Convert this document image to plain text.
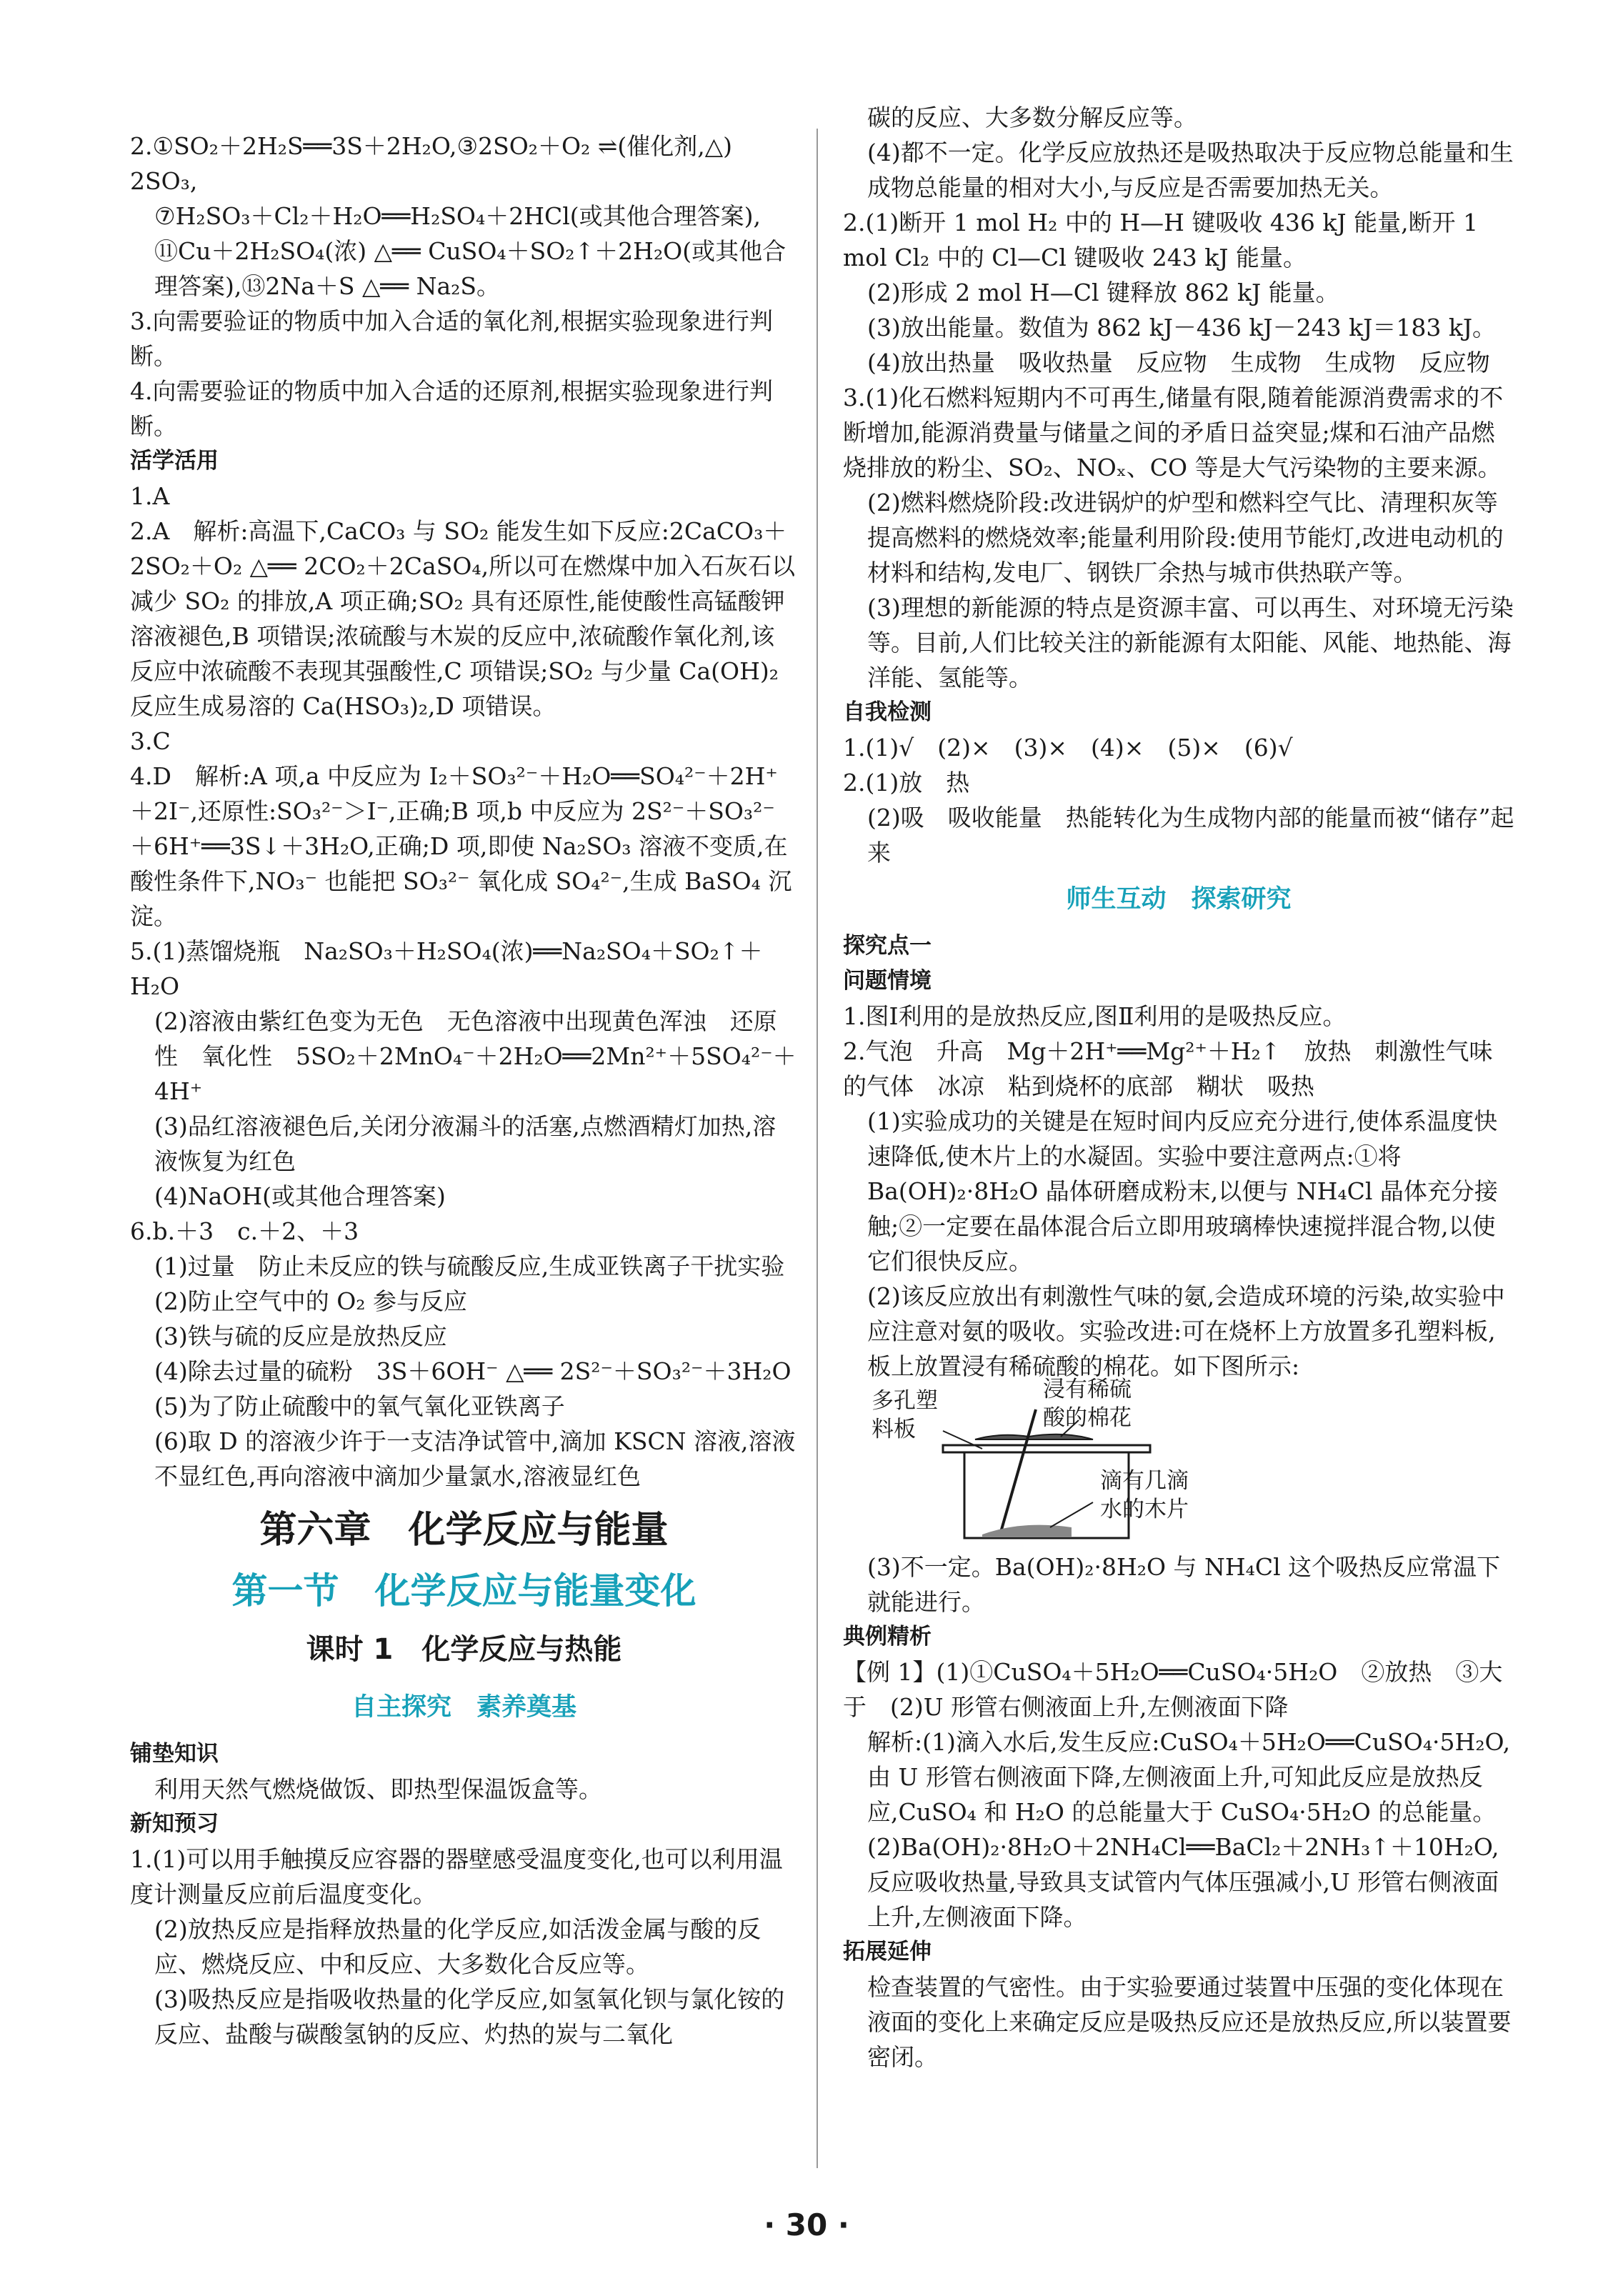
2.①SO₂＋2H₂S══3S＋2H₂O,③2SO₂＋O₂ ⇌(催化剂,△) 2SO₃,

⑦H₂SO₃＋Cl₂＋H₂O══H₂SO₄＋2HCl(或其他合理答案),

⑪Cu＋2H₂SO₄(浓) △══ CuSO₄＋SO₂↑＋2H₂O(或其他合理答案),⑬2Na＋S △══ Na₂S。

3.向需要验证的物质中加入合适的氧化剂,根据实验现象进行判断。

4.向需要验证的物质中加入合适的还原剂,根据实验现象进行判断。

活学活用

1.A

2.A　解析:高温下,CaCO₃ 与 SO₂ 能发生如下反应:2CaCO₃＋2SO₂＋O₂ △══ 2CO₂＋2CaSO₄,所以可在燃煤中加入石灰石以减少 SO₂ 的排放,A 项正确;SO₂ 具有还原性,能使酸性高锰酸钾溶液褪色,B 项错误;浓硫酸与木炭的反应中,浓硫酸作氧化剂,该反应中浓硫酸不表现其强酸性,C 项错误;SO₂ 与少量 Ca(OH)₂ 反应生成易溶的 Ca(HSO₃)₂,D 项错误。

3.C

4.D　解析:A 项,a 中反应为 I₂＋SO₃²⁻＋H₂O══SO₄²⁻＋2H⁺＋2I⁻,还原性:SO₃²⁻＞I⁻,正确;B 项,b 中反应为 2S²⁻＋SO₃²⁻＋6H⁺══3S↓＋3H₂O,正确;D 项,即使 Na₂SO₃ 溶液不变质,在酸性条件下,NO₃⁻ 也能把 SO₃²⁻ 氧化成 SO₄²⁻,生成 BaSO₄ 沉淀。

5.(1)蒸馏烧瓶　Na₂SO₃＋H₂SO₄(浓)══Na₂SO₄＋SO₂↑＋H₂O

(2)溶液由紫红色变为无色　无色溶液中出现黄色浑浊　还原性　氧化性　5SO₂＋2MnO₄⁻＋2H₂O══2Mn²⁺＋5SO₄²⁻＋4H⁺

(3)品红溶液褪色后,关闭分液漏斗的活塞,点燃酒精灯加热,溶液恢复为红色

(4)NaOH(或其他合理答案)

6.b.＋3　c.＋2、＋3

(1)过量　防止未反应的铁与硫酸反应,生成亚铁离子干扰实验

(2)防止空气中的 O₂ 参与反应

(3)铁与硫的反应是放热反应

(4)除去过量的硫粉　3S＋6OH⁻ △══ 2S²⁻＋SO₃²⁻＋3H₂O

(5)为了防止硫酸中的氧气氧化亚铁离子

(6)取 D 的溶液少许于一支洁净试管中,滴加 KSCN 溶液,溶液不显红色,再向溶液中滴加少量氯水,溶液显红色

第六章　化学反应与能量
第一节　化学反应与能量变化
课时 1　化学反应与热能
自主探究　素养奠基

铺垫知识

利用天然气燃烧做饭、即热型保温饭盒等。

新知预习

1.(1)可以用手触摸反应容器的器壁感受温度变化,也可以利用温度计测量反应前后温度变化。

(2)放热反应是指释放热量的化学反应,如活泼金属与酸的反应、燃烧反应、中和反应、大多数化合反应等。

(3)吸热反应是指吸收热量的化学反应,如氢氧化钡与氯化铵的反应、盐酸与碳酸氢钠的反应、灼热的炭与二氧化

碳的反应、大多数分解反应等。

(4)都不一定。化学反应放热还是吸热取决于反应物总能量和生成物总能量的相对大小,与反应是否需要加热无关。

2.(1)断开 1 mol H₂ 中的 H—H 键吸收 436 kJ 能量,断开 1 mol Cl₂ 中的 Cl—Cl 键吸收 243 kJ 能量。

(2)形成 2 mol H—Cl 键释放 862 kJ 能量。

(3)放出能量。数值为 862 kJ－436 kJ－243 kJ＝183 kJ。

(4)放出热量　吸收热量　反应物　生成物　生成物　反应物

3.(1)化石燃料短期内不可再生,储量有限,随着能源消费需求的不断增加,能源消费量与储量之间的矛盾日益突显;煤和石油产品燃烧排放的粉尘、SO₂、NOₓ、CO 等是大气污染物的主要来源。

(2)燃料燃烧阶段:改进锅炉的炉型和燃料空气比、清理积灰等提高燃料的燃烧效率;能量利用阶段:使用节能灯,改进电动机的材料和结构,发电厂、钢铁厂余热与城市供热联产等。

(3)理想的新能源的特点是资源丰富、可以再生、对环境无污染等。目前,人们比较关注的新能源有太阳能、风能、地热能、海洋能、氢能等。

自我检测

1.(1)√　(2)×　(3)×　(4)×　(5)×　(6)√

2.(1)放　热

(2)吸　吸收能量　热能转化为生成物内部的能量而被“储存”起来

师生互动　探索研究

探究点一

问题情境

1.图Ⅰ利用的是放热反应,图Ⅱ利用的是吸热反应。

2.气泡　升高　Mg＋2H⁺══Mg²⁺＋H₂↑　放热　刺激性气味的气体　冰凉　粘到烧杯的底部　糊状　吸热

(1)实验成功的关键是在短时间内反应充分进行,使体系温度快速降低,使木片上的水凝固。实验中要注意两点:①将 Ba(OH)₂·8H₂O 晶体研磨成粉末,以便与 NH₄Cl 晶体充分接触;②一定要在晶体混合后立即用玻璃棒快速搅拌混合物,以使它们很快反应。

(2)该反应放出有刺激性气味的氨,会造成环境的污染,故实验中应注意对氨的吸收。实验改进:可在烧杯上方放置多孔塑料板,板上放置浸有稀硫酸的棉花。如下图所示:

多孔塑
料板
浸有稀硫
酸的棉花
滴有几滴
水的木片

(3)不一定。Ba(OH)₂·8H₂O 与 NH₄Cl 这个吸热反应常温下就能进行。

典例精析

【例 1】(1)①CuSO₄＋5H₂O══CuSO₄·5H₂O　②放热　③大于　(2)U 形管右侧液面上升,左侧液面下降

解析:(1)滴入水后,发生反应:CuSO₄＋5H₂O══CuSO₄·5H₂O,由 U 形管右侧液面下降,左侧液面上升,可知此反应是放热反应,CuSO₄ 和 H₂O 的总能量大于 CuSO₄·5H₂O 的总能量。

(2)Ba(OH)₂·8H₂O＋2NH₄Cl══BaCl₂＋2NH₃↑＋10H₂O,反应吸收热量,导致具支试管内气体压强减小,U 形管右侧液面上升,左侧液面下降。

拓展延伸

检查装置的气密性。由于实验要通过装置中压强的变化体现在液面的变化上来确定反应是吸热反应还是放热反应,所以装置要密闭。

· 30 ·
